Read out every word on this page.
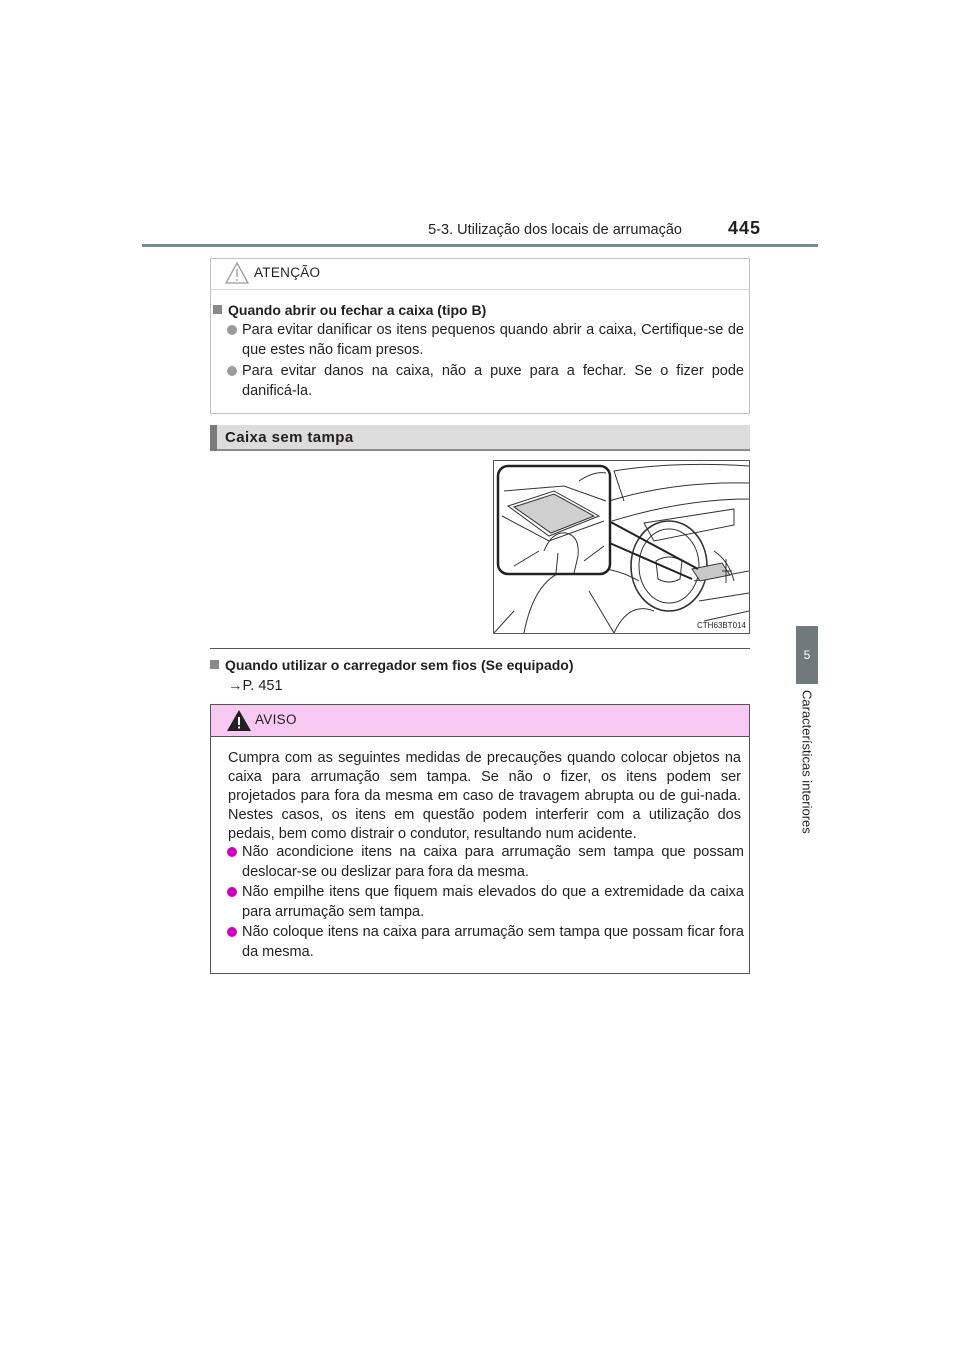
5-3. Utilização dos locais de arrumação	445
5
Características interiores
ATENÇÃO
Quando abrir ou fechar a caixa (tipo B)
Para evitar danificar os itens pequenos quando abrir a caixa, Certifique-se de que estes não ficam presos.
Para evitar danos na caixa, não a puxe para a fechar. Se o fizer pode danificá-la.
Caixa sem tampa
CTH63BT014
Quando utilizar o carregador sem fios (Se equipado)
→P. 451
AVISO
Cumpra com as seguintes medidas de precauções quando colocar objetos na caixa para arrumação sem tampa. Se não o fizer, os itens podem ser projetados para fora da mesma em caso de travagem abrupta ou de gui-nada. Nestes casos, os itens em questão podem interferir com a utilização dos pedais, bem como distrair o condutor, resultando num acidente.
Não acondicione itens na caixa para arrumação sem tampa que possam deslocar-se ou deslizar para fora da mesma.
Não empilhe itens que fiquem mais elevados do que a extremidade da caixa para arrumação sem tampa.
Não coloque itens na caixa para arrumação sem tampa que possam ficar fora da mesma.
